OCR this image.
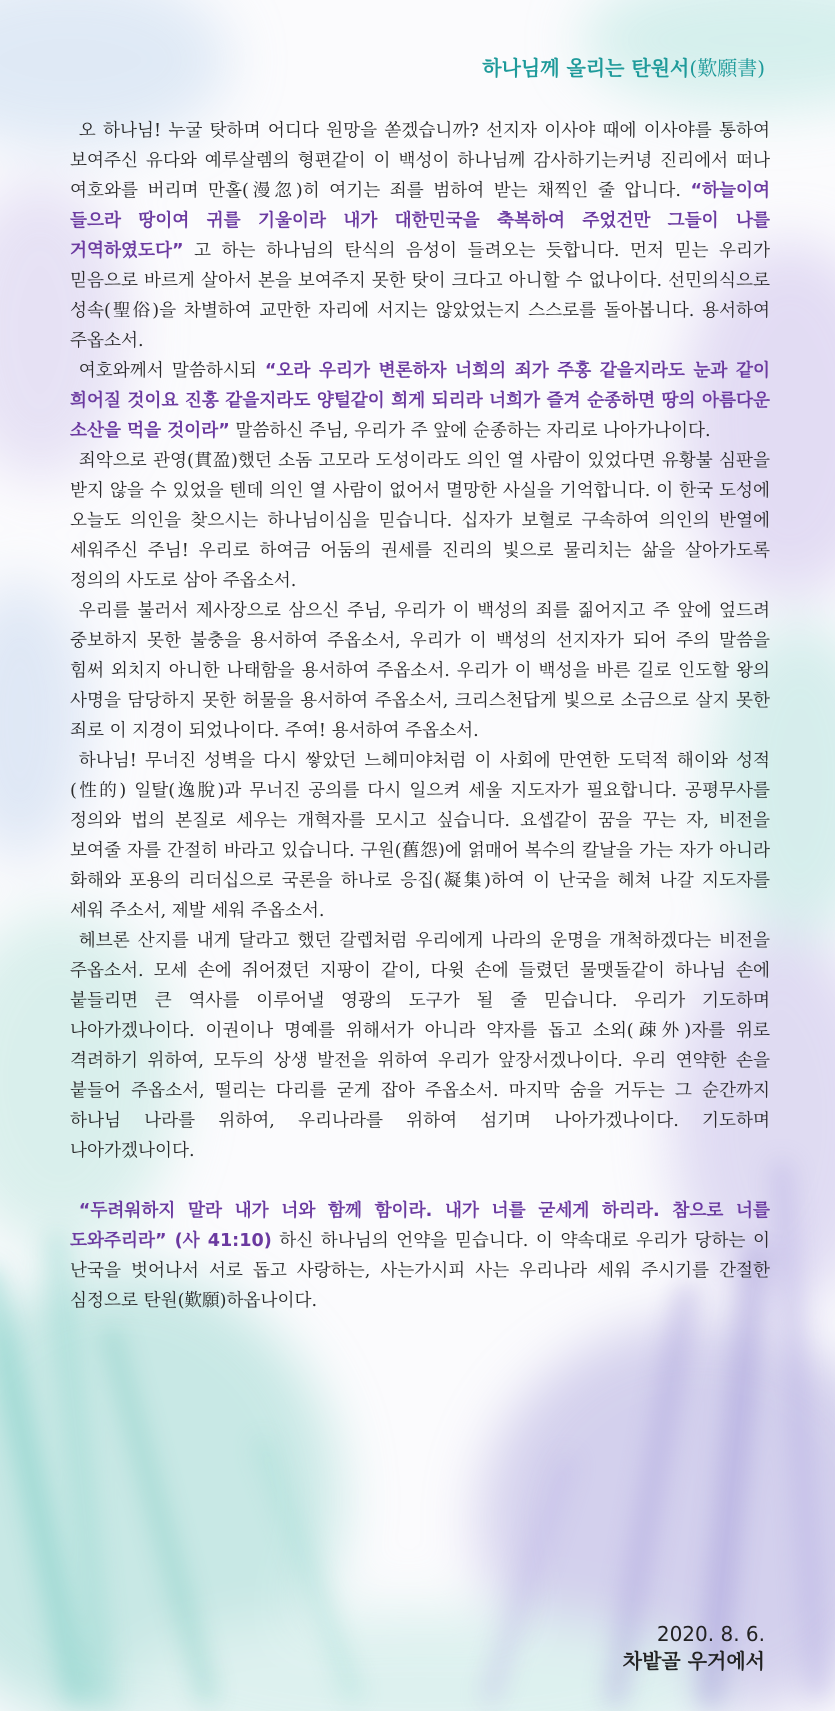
하나님께 올리는 탄원서(歎願書)

오 하나님! 누굴 탓하며 어디다 원망을 쏟겠습니까? 선지자 이사야 때에 이사야를 통하여 보여주신 유다와 예루살렘의 형편같이 이 백성이 하나님께 감사하기는커녕 진리에서 떠나 여호와를 버리며 만홀(漫忽)히 여기는 죄를 범하여 받는 채찍인 줄 압니다. “하늘이여 들으라 땅이여 귀를 기울이라 내가 대한민국을 축복하여 주었건만 그들이 나를 거역하였도다” 고 하는 하나님의 탄식의 음성이 들려오는 듯합니다. 먼저 믿는 우리가 믿음으로 바르게 살아서 본을 보여주지 못한 탓이 크다고 아니할 수 없나이다. 선민의식으로 성속(聖俗)을 차별하여 교만한 자리에 서지는 않았었는지 스스로를 돌아봅니다. 용서하여 주옵소서.

여호와께서 말씀하시되 “오라 우리가 변론하자 너희의 죄가 주홍 같을지라도 눈과 같이 희어질 것이요 진홍 같을지라도 양털같이 희게 되리라 너희가 즐겨 순종하면 땅의 아름다운 소산을 먹을 것이라” 말씀하신 주님, 우리가 주 앞에 순종하는 자리로 나아가나이다.

죄악으로 관영(貫盈)했던 소돔 고모라 도성이라도 의인 열 사람이 있었다면 유황불 심판을 받지 않을 수 있었을 텐데 의인 열 사람이 없어서 멸망한 사실을 기억합니다. 이 한국 도성에 오늘도 의인을 찾으시는 하나님이심을 믿습니다. 십자가 보혈로 구속하여 의인의 반열에 세워주신 주님! 우리로 하여금 어둠의 권세를 진리의 빛으로 물리치는 삶을 살아가도록 정의의 사도로 삼아 주옵소서.

우리를 불러서 제사장으로 삼으신 주님, 우리가 이 백성의 죄를 짊어지고 주 앞에 엎드려 중보하지 못한 불충을 용서하여 주옵소서, 우리가 이 백성의 선지자가 되어 주의 말씀을 힘써 외치지 아니한 나태함을 용서하여 주옵소서. 우리가 이 백성을 바른 길로 인도할 왕의 사명을 담당하지 못한 허물을 용서하여 주옵소서, 크리스천답게 빛으로 소금으로 살지 못한 죄로 이 지경이 되었나이다. 주여! 용서하여 주옵소서.

하나님! 무너진 성벽을 다시 쌓았던 느헤미야처럼 이 사회에 만연한 도덕적 해이와 성적(性的) 일탈(逸脫)과 무너진 공의를 다시 일으켜 세울 지도자가 필요합니다. 공평무사를 정의와 법의 본질로 세우는 개혁자를 모시고 싶습니다. 요셉같이 꿈을 꾸는 자, 비전을 보여줄 자를 간절히 바라고 있습니다. 구원(舊怨)에 얽매어 복수의 칼날을 가는 자가 아니라 화해와 포용의 리더십으로 국론을 하나로 응집(凝集)하여 이 난국을 헤쳐 나갈 지도자를 세워 주소서, 제발 세워 주옵소서.

헤브론 산지를 내게 달라고 했던 갈렙처럼 우리에게 나라의 운명을 개척하겠다는 비전을 주옵소서. 모세 손에 쥐어졌던 지팡이 같이, 다윗 손에 들렸던 물맷돌같이 하나님 손에 붙들리면 큰 역사를 이루어낼 영광의 도구가 될 줄 믿습니다. 우리가 기도하며 나아가겠나이다. 이권이나 명예를 위해서가 아니라 약자를 돕고 소외(疎外)자를 위로 격려하기 위하여, 모두의 상생 발전을 위하여 우리가 앞장서겠나이다. 우리 연약한 손을 붙들어 주옵소서, 떨리는 다리를 굳게 잡아 주옵소서. 마지막 숨을 거두는 그 순간까지 하나님 나라를 위하여, 우리나라를 위하여 섬기며 나아가겠나이다. 기도하며 나아가겠나이다.

“두려워하지 말라 내가 너와 함께 함이라. 내가 너를 굳세게 하리라. 참으로 너를 도와주리라” (사 41:10) 하신 하나님의 언약을 믿습니다. 이 약속대로 우리가 당하는 이 난국을 벗어나서 서로 돕고 사랑하는, 사는가시피 사는 우리나라 세워 주시기를 간절한 심정으로 탄원(歎願)하옵나이다.

2020. 8. 6.
차밭골 우거에서
